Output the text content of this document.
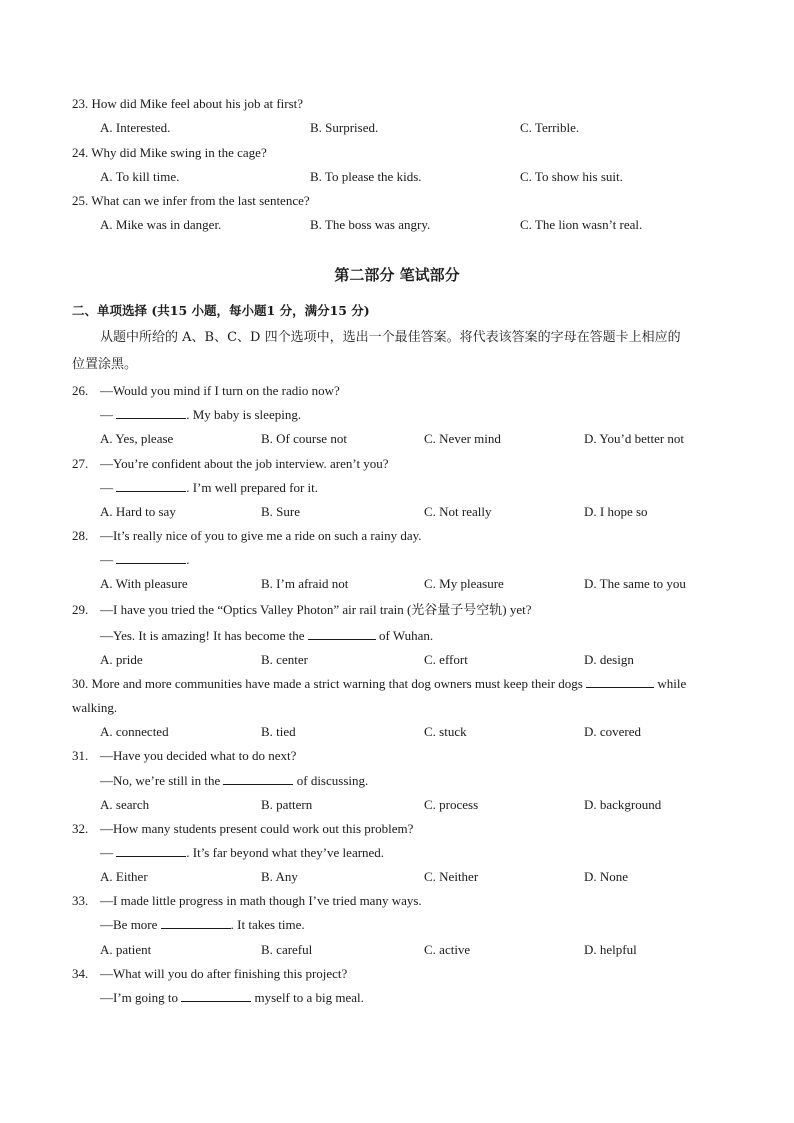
23. How did Mike feel about his job at first?
A. Interested.	B. Surprised.	C. Terrible.
24. Why did Mike swing in the cage?
A. To kill time.	B. To please the kids.	C. To show his suit.
25. What can we infer from the last sentence?
A. Mike was in danger.	B. The boss was angry.	C. The lion wasn’t real.
第二部分 笔试部分
二、单项选择 (共15 小题，每小题1 分，满分15 分)
从题中所给的 A、B、C、D 四个选项中，选出一个最佳答案。将代表该答案的字母在答题卡上相应的
位置涂黑。
26. —Would you mind if I turn on the radio now?
—	. My baby is sleeping.
A. Yes, please	B. Of course not	C. Never mind	D. You’d better not
27. —You’re confident about the job interview. aren’t you?
—	. I’m well prepared for it.
A. Hard to say	B. Sure	C. Not really	D. I hope so
28. —It’s really nice of you to give me a ride on such a rainy day.
—	.
A. With pleasure	B. I’m afraid not	C. My pleasure	D. The same to you
29. —I have you tried the “Optics Valley Photon” air rail train (光谷量子号空轨) yet?
—Yes. It is amazing! It has become the	of Wuhan.
A. pride	B. center	C. effort	D. design
30. More and more communities have made a strict warning that dog owners must keep their dogs	while
walking.
A. connected	B. tied	C. stuck	D. covered
31. —Have you decided what to do next?
—No, we’re still in the	of discussing.
A. search	B. pattern	C. process	D. background
32. —How many students present could work out this problem?
—	. It’s far beyond what they’ve learned.
A. Either	B. Any	C. Neither	D. None
33. —I made little progress in math though I’ve tried many ways.
—Be more	. It takes time.
A. patient	B. careful	C. active	D. helpful
34. —What will you do after finishing this project?
—I’m going to	myself to a big meal.
